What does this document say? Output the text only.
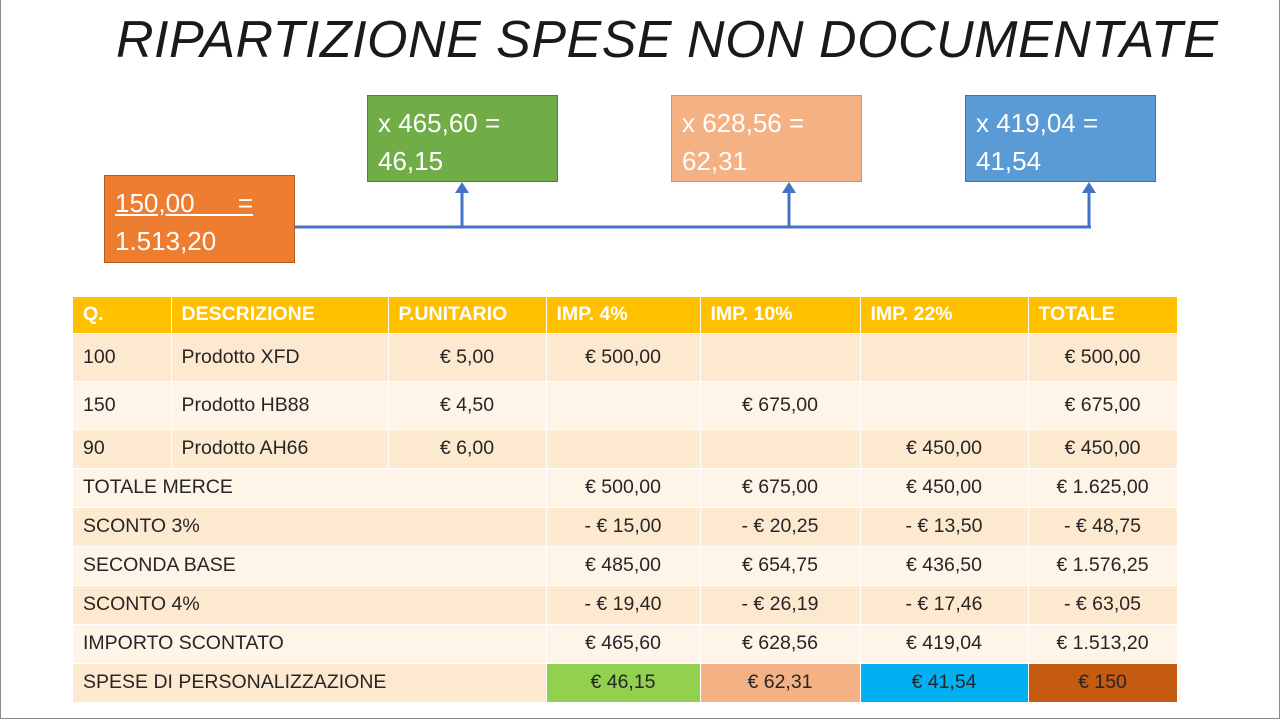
RIPARTIZIONE SPESE NON DOCUMENTATE
x 465,60 =
46,15
x 628,56 =
62,31
x 419,04 =
41,54
150,00 =
1.513,20
Q.	DESCRIZIONE	P.UNITARIO	IMP. 4%	IMP. 10%	IMP. 22%	TOTALE
100	Prodotto XFD	€ 5,00	€ 500,00			€ 500,00
150	Prodotto HB88	€ 4,50		€ 675,00		€ 675,00
90	Prodotto AH66	€ 6,00			€ 450,00	€ 450,00
TOTALE MERCE			€ 500,00	€ 675,00	€ 450,00	€ 1.625,00
SCONTO 3%			- € 15,00	- € 20,25	- € 13,50	- € 48,75
SECONDA BASE			€ 485,00	€ 654,75	€ 436,50	€ 1.576,25
SCONTO 4%			- € 19,40	- € 26,19	- € 17,46	- € 63,05
IMPORTO SCONTATO			€ 465,60	€ 628,56	€ 419,04	€ 1.513,20
SPESE DI PERSONALIZZAZIONE			€ 46,15	€ 62,31	€ 41,54	€ 150
